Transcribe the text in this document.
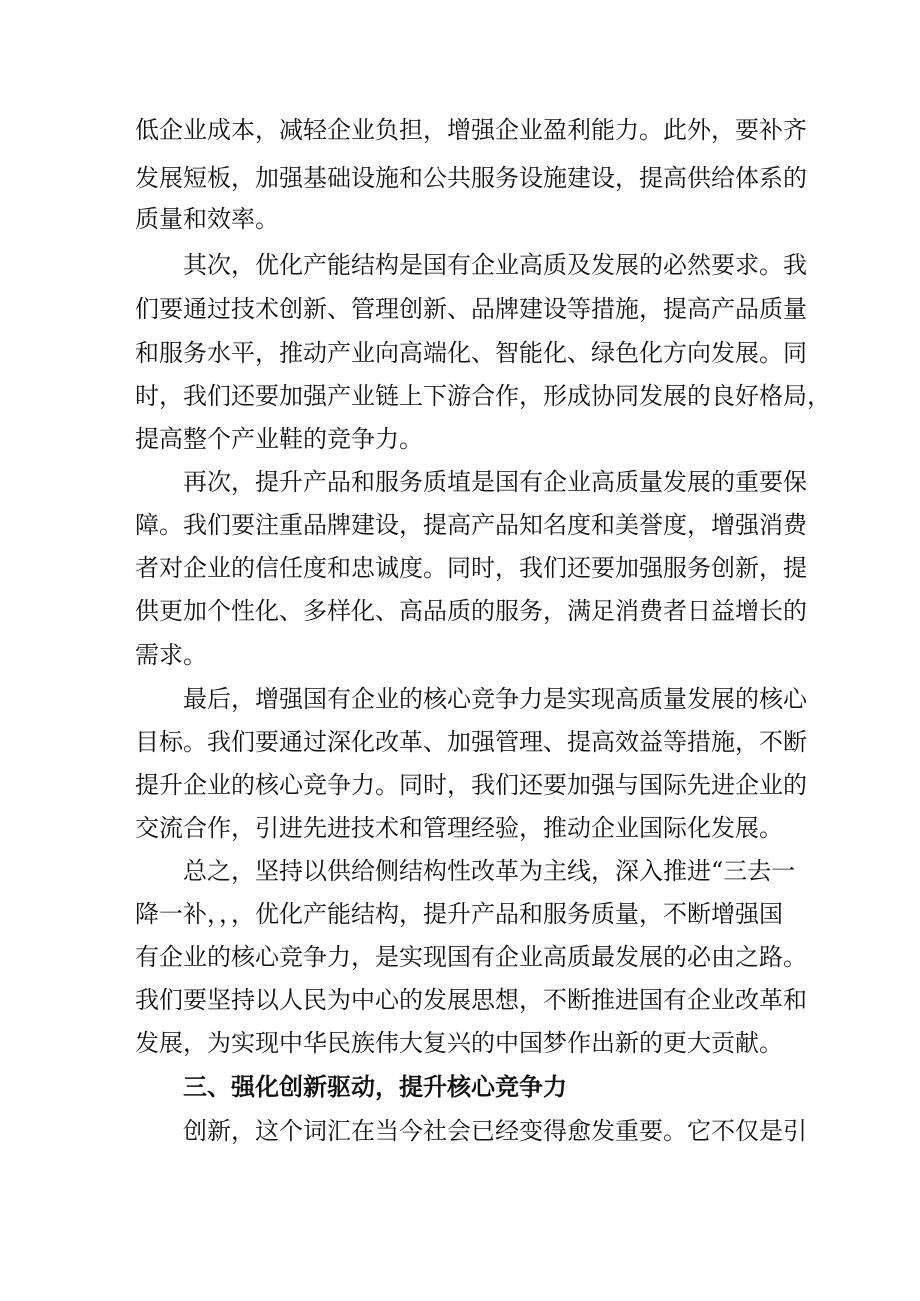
低企业成本，减轻企业负担，增强企业盈利能力。此外，要补齐
发展短板，加强基础设施和公共服务设施建设，提高供给体系的
质量和效率。
其次，优化产能结构是国有企业高质及发展的必然要求。我
们要通过技术创新、管理创新、品牌建设等措施，提高产品质量
和服务水平，推动产业向高端化、智能化、绿色化方向发展。同
时，我们还要加强产业链上下游合作，形成协同发展的良好格局，
提高整个产业鞋的竞争力。
再次，提升产品和服务质埴是国有企业高质量发展的重要保
障。我们要注重品牌建设，提高产品知名度和美誉度，增强消费
者对企业的信任度和忠诚度。同时，我们还要加强服务创新，提
供更加个性化、多样化、高品质的服务，满足消费者日益增长的
需求。
最后，增强国有企业的核心竞争力是实现高质量发展的核心
目标。我们要通过深化改革、加强管理、提高效益等措施，不断
提升企业的核心竞争力。同时，我们还要加强与国际先进企业的
交流合作，引进先进技术和管理经验，推动企业国际化发展。
总之，坚持以供给侧结构性改革为主线，深入推进“三去一
降一补，，，优化产能结构，提升产品和服务质量，不断增强国
有企业的核心竞争力，是实现国有企业高质最发展的必由之路。
我们要坚持以人民为中心的发展思想，不断推进国有企业改革和
发展，为实现中华民族伟大复兴的中国梦作出新的更大贡献。
三、强化创新驱动，提升核心竞争力
创新，这个词汇在当今社会已经变得愈发重要。它不仅是引
